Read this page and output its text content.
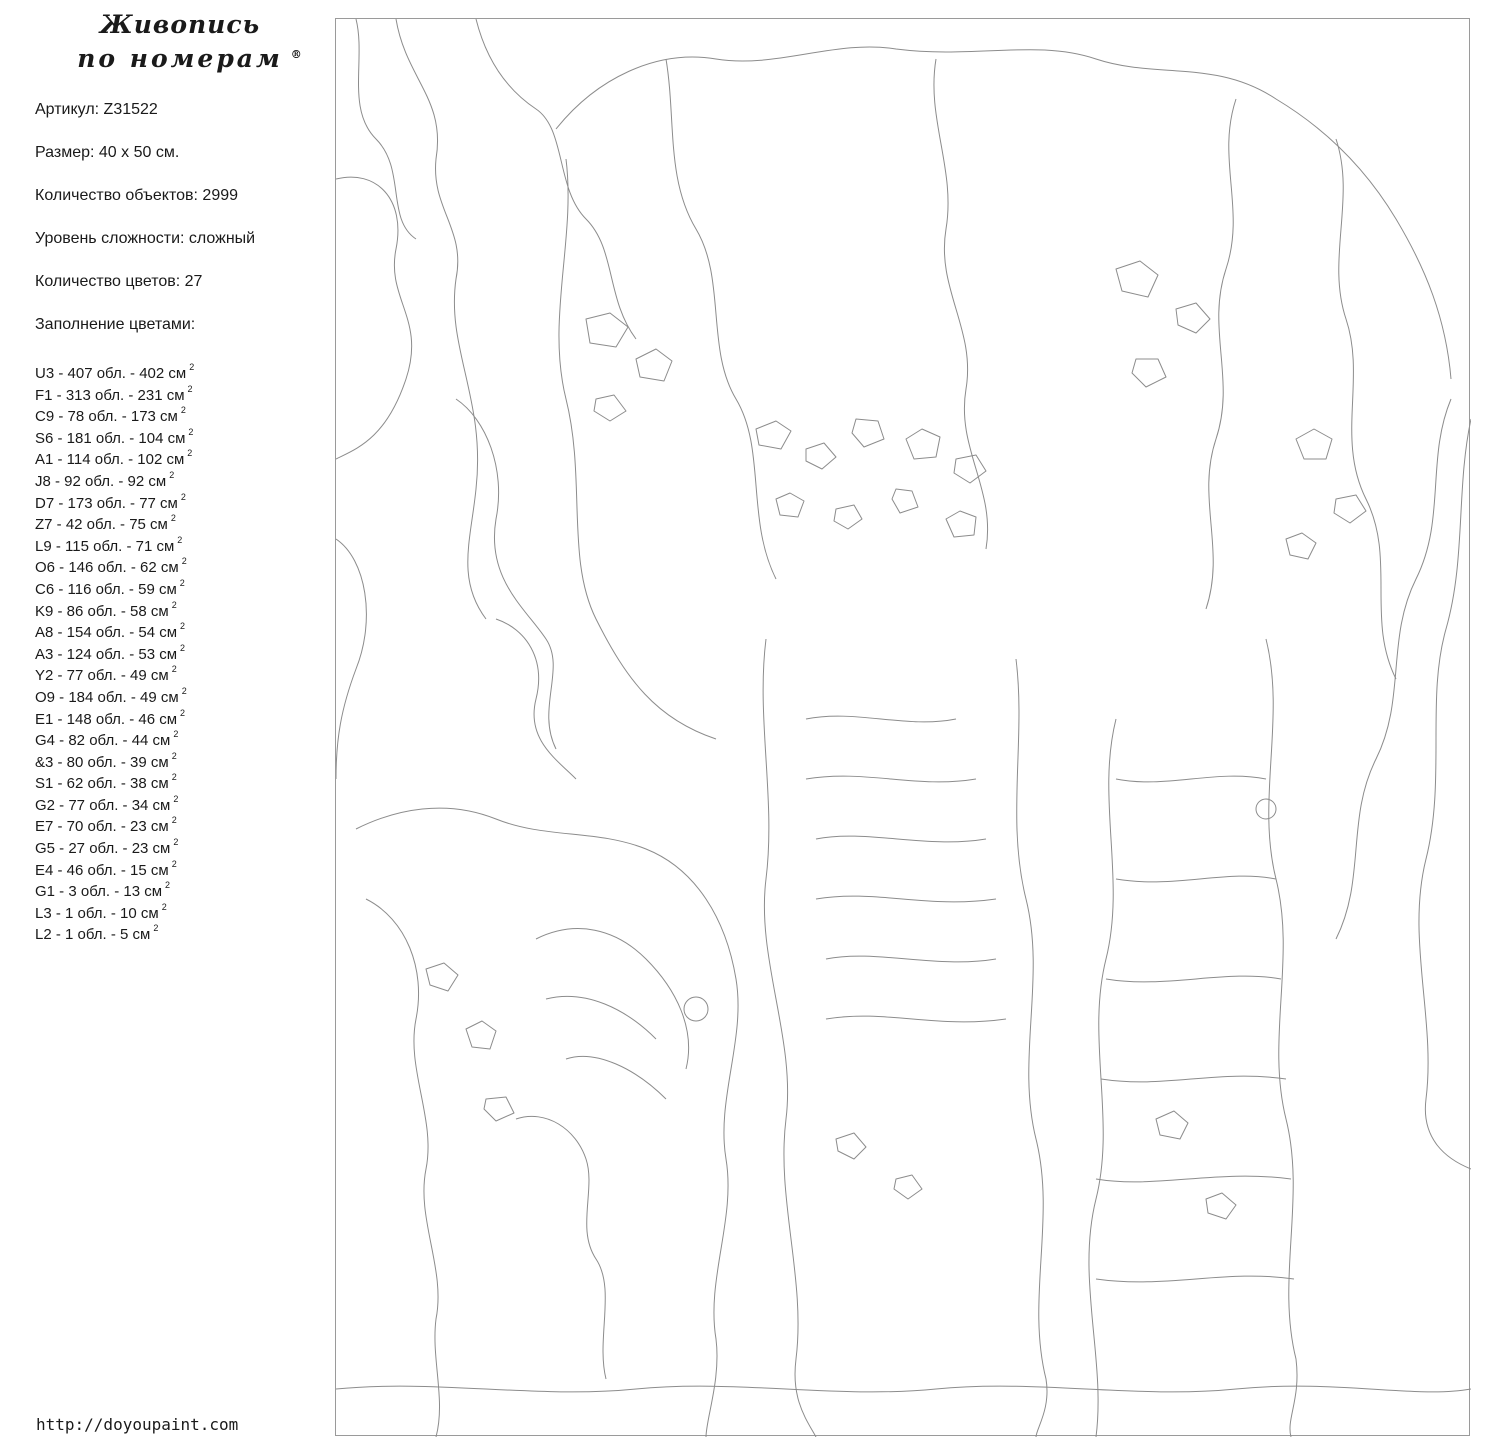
Живопись
по номерам ®
Артикул: Z31522
Размер: 40 х 50 см.
Количество объектов: 2999
Уровень сложности: сложный
Количество цветов: 27
Заполнение цветами:
U3 - 407 обл. - 402 см $^2$
F1 - 313 обл. - 231 см $^2$
C9 - 78 обл. - 173 см $^2$
S6 - 181 обл. - 104 см $^2$
A1 - 114 обл. - 102 см $^2$
J8 - 92 обл. - 92 см $^2$
D7 - 173 обл. - 77 см $^2$
Z7 - 42 обл. - 75 см $^2$
L9 - 115 обл. - 71 см $^2$
O6 - 146 обл. - 62 см $^2$
C6 - 116 обл. - 59 см $^2$
K9 - 86 обл. - 58 см $^2$
A8 - 154 обл. - 54 см $^2$
A3 - 124 обл. - 53 см $^2$
Y2 - 77 обл. - 49 см $^2$
O9 - 184 обл. - 49 см $^2$
E1 - 148 обл. - 46 см $^2$
G4 - 82 обл. - 44 см $^2$
&3 - 80 обл. - 39 см $^2$
S1 - 62 обл. - 38 см $^2$
G2 - 77 обл. - 34 см $^2$
E7 - 70 обл. - 23 см $^2$
G5 - 27 обл. - 23 см $^2$
E4 - 46 обл. - 15 см $^2$
G1 - 3 обл. - 13 см $^2$
L3 - 1 обл. - 10 см $^2$
L2 - 1 обл. - 5 см $^2$
http://doyoupaint.com
